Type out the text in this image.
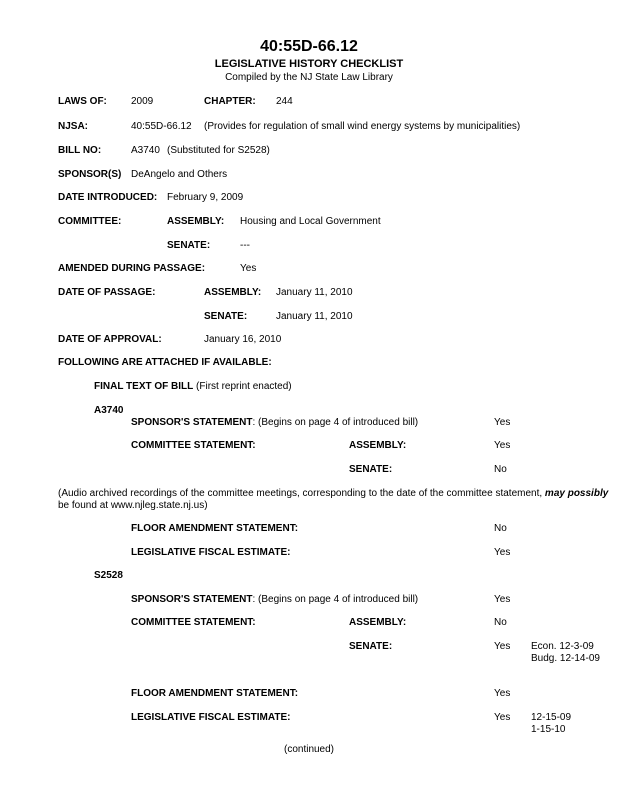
40:55D-66.12
LEGISLATIVE HISTORY CHECKLIST
Compiled by the NJ State Law Library
LAWS OF: 2009	CHAPTER: 244
NJSA:	40:55D-66.12 (Provides for regulation of small wind energy systems by municipalities)
BILL NO:	A3740 (Substituted for S2528)
SPONSOR(S) DeAngelo and Others
DATE INTRODUCED: February 9, 2009
COMMITTEE:	ASSEMBLY: Housing and Local Government
SENATE:	---
AMENDED DURING PASSAGE:	Yes
DATE OF PASSAGE:	ASSEMBLY: January 11, 2010
SENATE:	January 11, 2010
DATE OF APPROVAL:	January 16, 2010
FOLLOWING ARE ATTACHED IF AVAILABLE:
FINAL TEXT OF BILL (First reprint enacted)
A3740
SPONSOR'S STATEMENT: (Begins on page 4 of introduced bill)	Yes
COMMITTEE STATEMENT:	ASSEMBLY:	Yes
SENATE:	No
(Audio archived recordings of the committee meetings, corresponding to the date of the committee statement, may possibly
be found at www.njleg.state.nj.us)
FLOOR AMENDMENT STATEMENT:	No
LEGISLATIVE FISCAL ESTIMATE:	Yes
S2528
SPONSOR'S STATEMENT: (Begins on page 4 of introduced bill)	Yes
COMMITTEE STATEMENT:	ASSEMBLY:	No
SENATE:	Yes Econ. 12-3-09
Budg. 12-14-09
FLOOR AMENDMENT STATEMENT:	Yes
LEGISLATIVE FISCAL ESTIMATE:	Yes 12-15-09
1-15-10
(continued)
